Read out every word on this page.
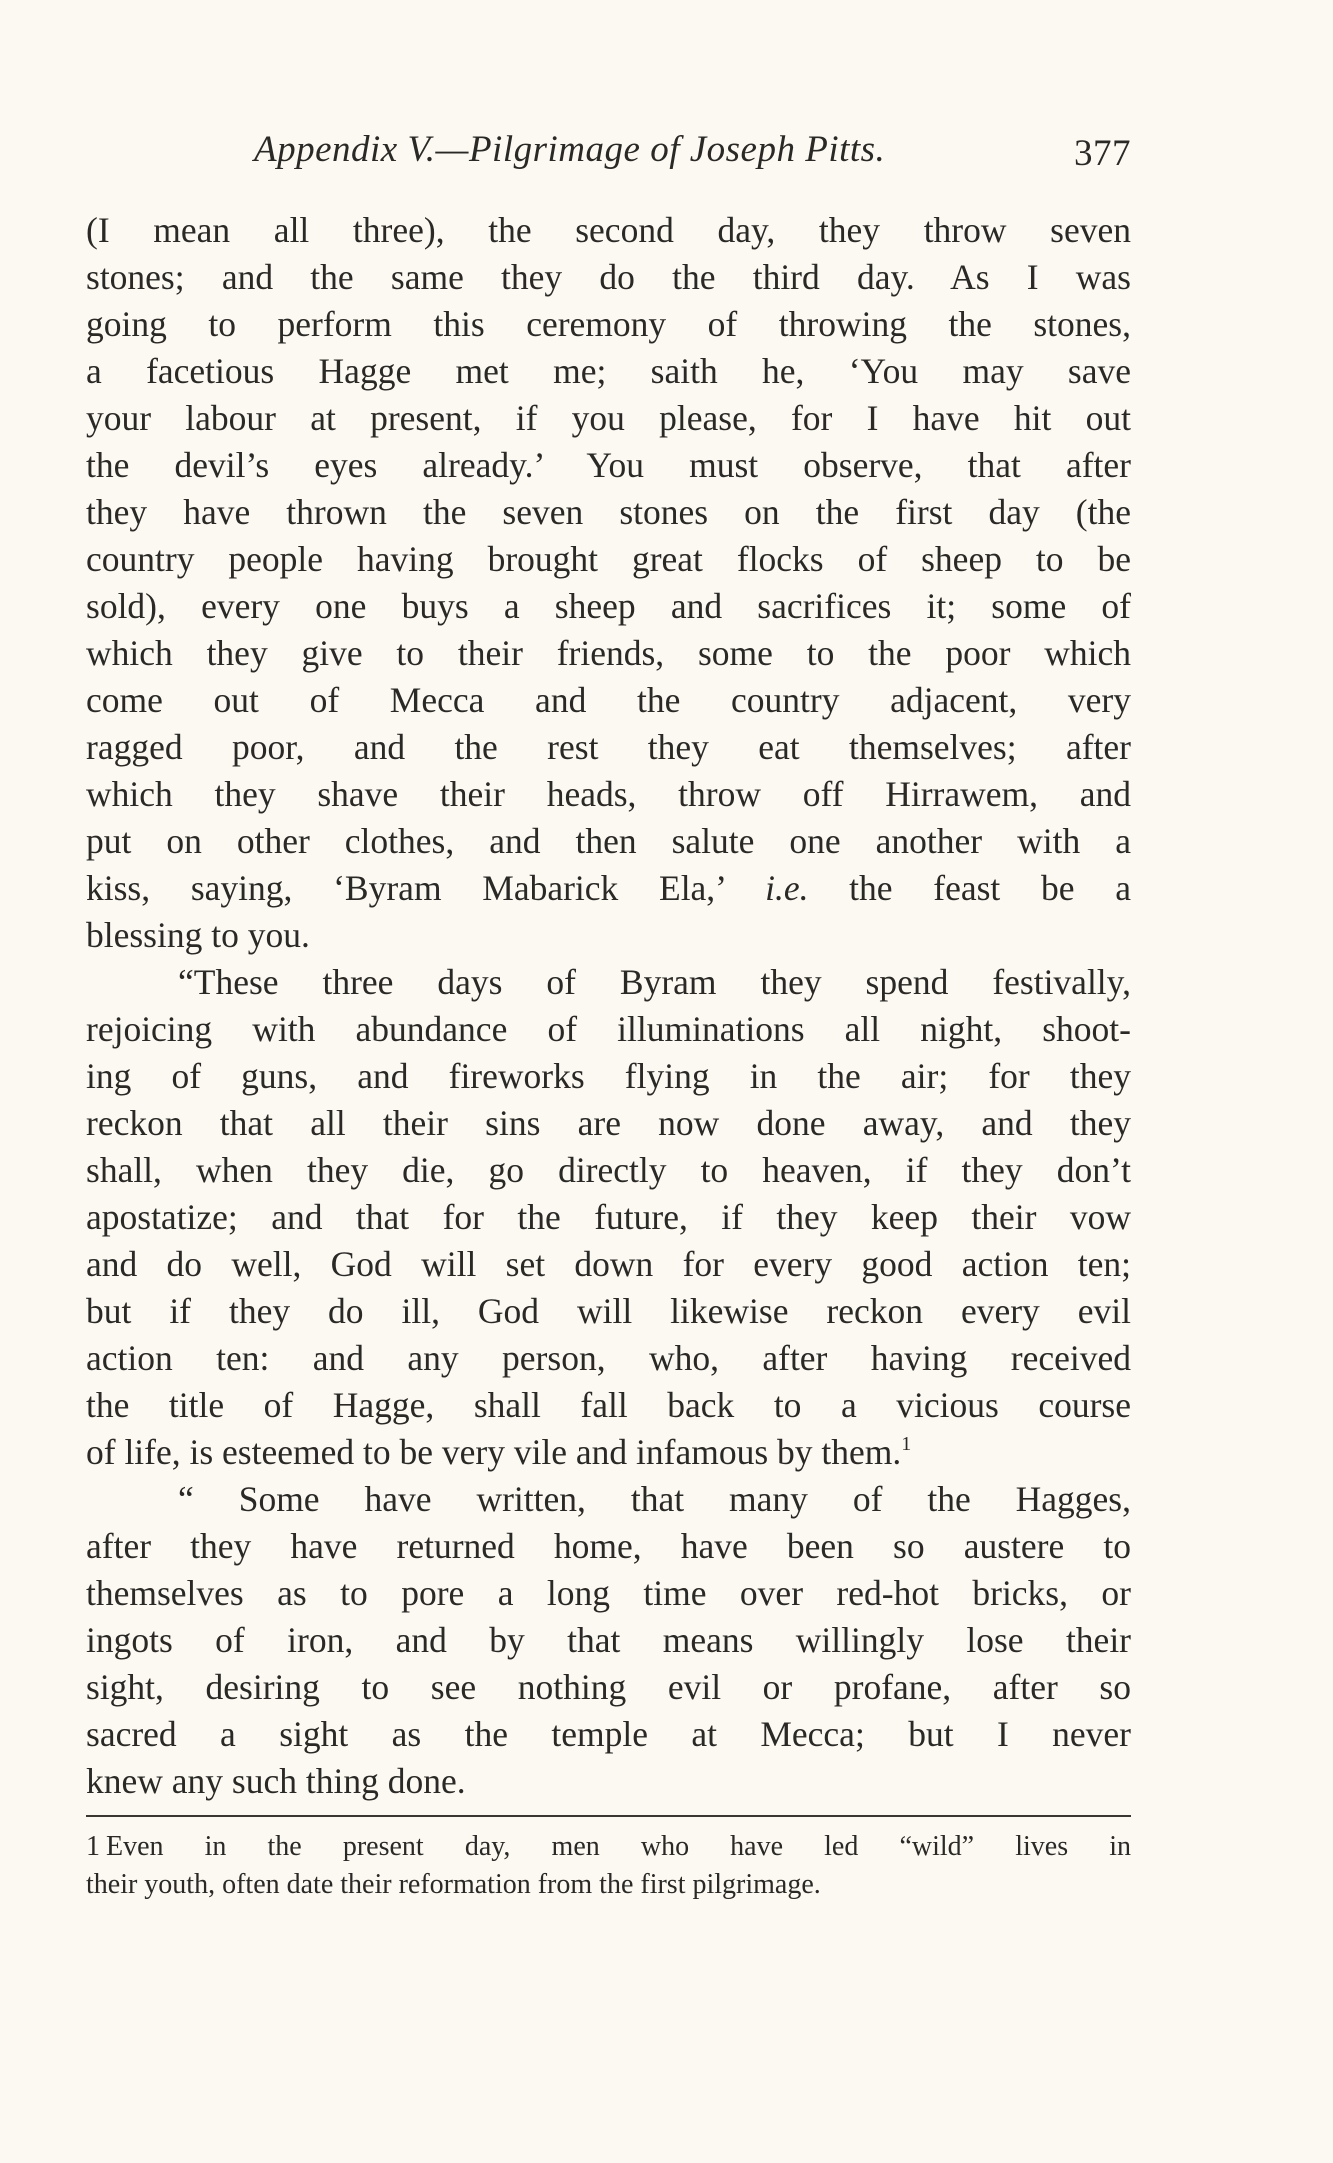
Appendix V.—Pilgrimage of Joseph Pitts.	377
(I mean all three), the second day, they throw seven
stones; and the same they do the third day. As I was
going to perform this ceremony of throwing the stones,
a facetious Hagge met me; saith he, ‘You may save
your labour at present, if you please, for I have hit out
the devil’s eyes already.’ You must observe, that after
they have thrown the seven stones on the first day (the
country people having brought great flocks of sheep to be
sold), every one buys a sheep and sacrifices it; some of
which they give to their friends, some to the poor which
come out of Mecca and the country adjacent, very
ragged poor, and the rest they eat themselves; after
which they shave their heads, throw off Hirrawem, and
put on other clothes, and then salute one another with a
kiss, saying, ‘Byram Mabarick Ela,’ i.e. the feast be a
blessing to you.
“These three days of Byram they spend festivally,
rejoicing with abundance of illuminations all night, shoot-
ing of guns, and fireworks flying in the air; for they
reckon that all their sins are now done away, and they
shall, when they die, go directly to heaven, if they don’t
apostatize; and that for the future, if they keep their vow
and do well, God will set down for every good action ten;
but if they do ill, God will likewise reckon every evil
action ten: and any person, who, after having received
the title of Hagge, shall fall back to a vicious course
of life, is esteemed to be very vile and infamous by them.$^1$
“ Some have written, that many of the Hagges,
after they have returned home, have been so austere to
themselves as to pore a long time over red-hot bricks, or
ingots of iron, and by that means willingly lose their
sight, desiring to see nothing evil or profane, after so
sacred a sight as the temple at Mecca; but I never
knew any such thing done.
1 Even in the present day, men who have led “wild” lives in
their youth, often date their reformation from the first pilgrimage.
